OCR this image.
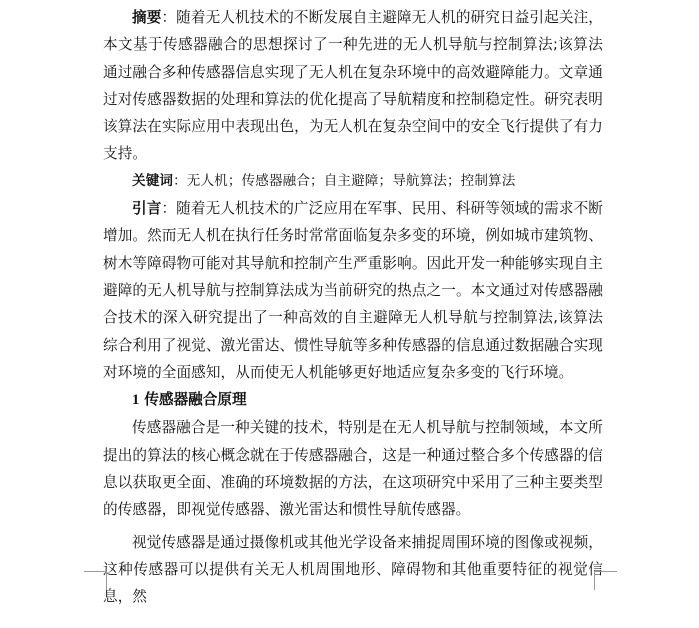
摘要：随着无人机技术的不断发展自主避障无人机的研究日益引起关注，本文基于传感器融合的思想探讨了一种先进的无人机导航与控制算法;该算法通过融合多种传感器信息实现了无人机在复杂环境中的高效避障能力。文章通过对传感器数据的处理和算法的优化提高了导航精度和控制稳定性。研究表明该算法在实际应用中表现出色，为无人机在复杂空间中的安全飞行提供了有力支持。

关键词：无人机；传感器融合；自主避障；导航算法；控制算法

引言：随着无人机技术的广泛应用在军事、民用、科研等领域的需求不断增加。然而无人机在执行任务时常常面临复杂多变的环境，例如城市建筑物、树木等障碍物可能对其导航和控制产生严重影响。因此开发一种能够实现自主避障的无人机导航与控制算法成为当前研究的热点之一。本文通过对传感器融合技术的深入研究提出了一种高效的自主避障无人机导航与控制算法,该算法综合利用了视觉、激光雷达、惯性导航等多种传感器的信息通过数据融合实现对环境的全面感知，从而使无人机能够更好地适应复杂多变的飞行环境。

1 传感器融合原理

传感器融合是一种关键的技术，特别是在无人机导航与控制领域，本文所提出的算法的核心概念就在于传感器融合，这是一种通过整合多个传感器的信息以获取更全面、准确的环境数据的方法，在这项研究中采用了三种主要类型的传感器，即视觉传感器、激光雷达和惯性导航传感器。

视觉传感器是通过摄像机或其他光学设备来捕捉周围环境的图像或视频，这种传感器可以提供有关无人机周围地形、障碍物和其他重要特征的视觉信息，然
